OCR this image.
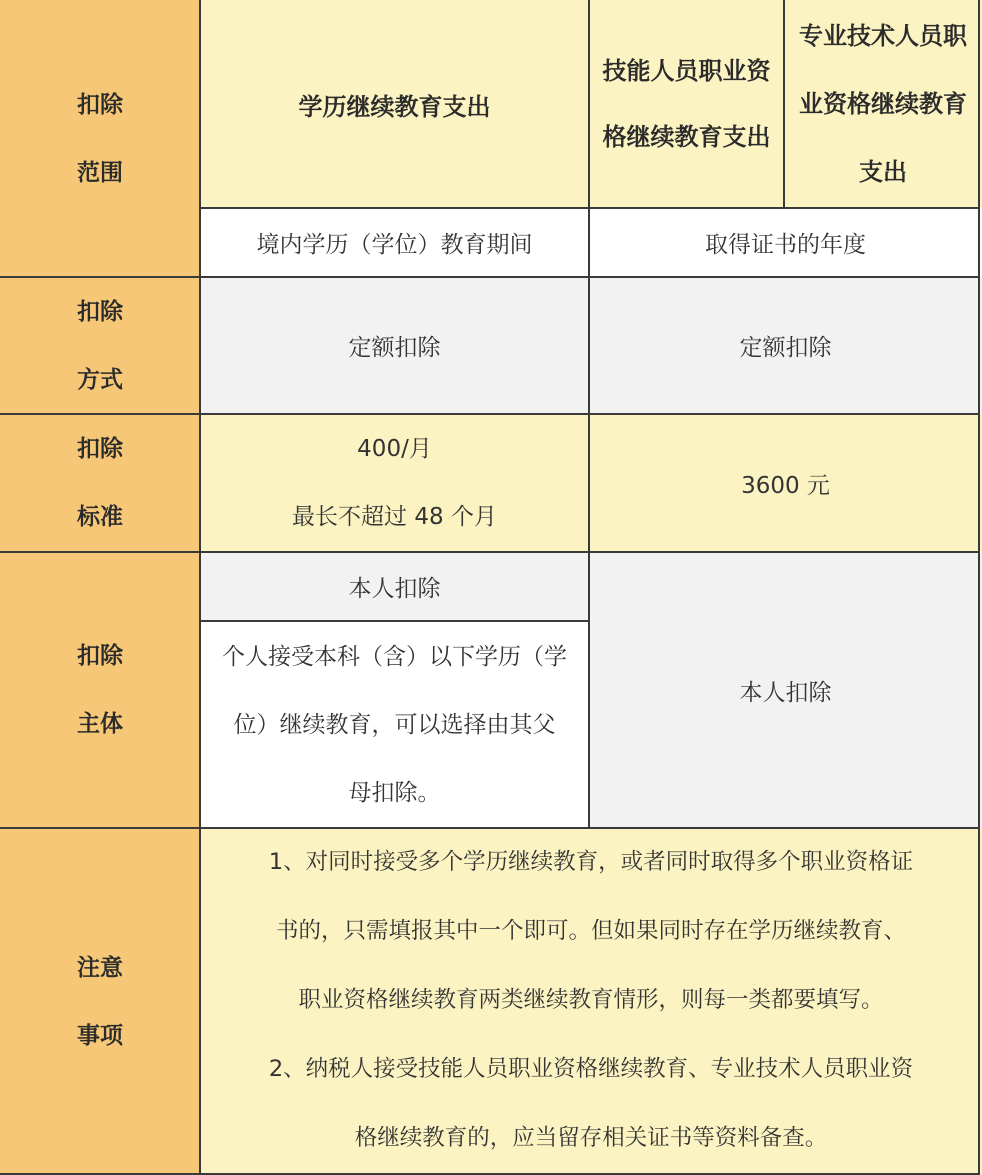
扣除
范围
扣除
方式
扣除
标准
扣除
主体
注意
事项
学历继续教育支出
技能人员职业资
格继续教育支出
专业技术人员职
业资格继续教育
支出
境内学历（学位）教育期间	取得证书的年度
定额扣除	定额扣除
400/月
最长不超过 48 个月
3600 元
本人扣除
个人接受本科（含）以下学历（学
位）继续教育，可以选择由其父
母扣除。
本人扣除

1、对同时接受多个学历继续教育，或者同时取得多个职业资格证

书的，只需填报其中一个即可。但如果同时存在学历继续教育、

职业资格继续教育两类继续教育情形，则每一类都要填写。

2、纳税人接受技能人员职业资格继续教育、专业技术人员职业资

格继续教育的，应当留存相关证书等资料备查。
